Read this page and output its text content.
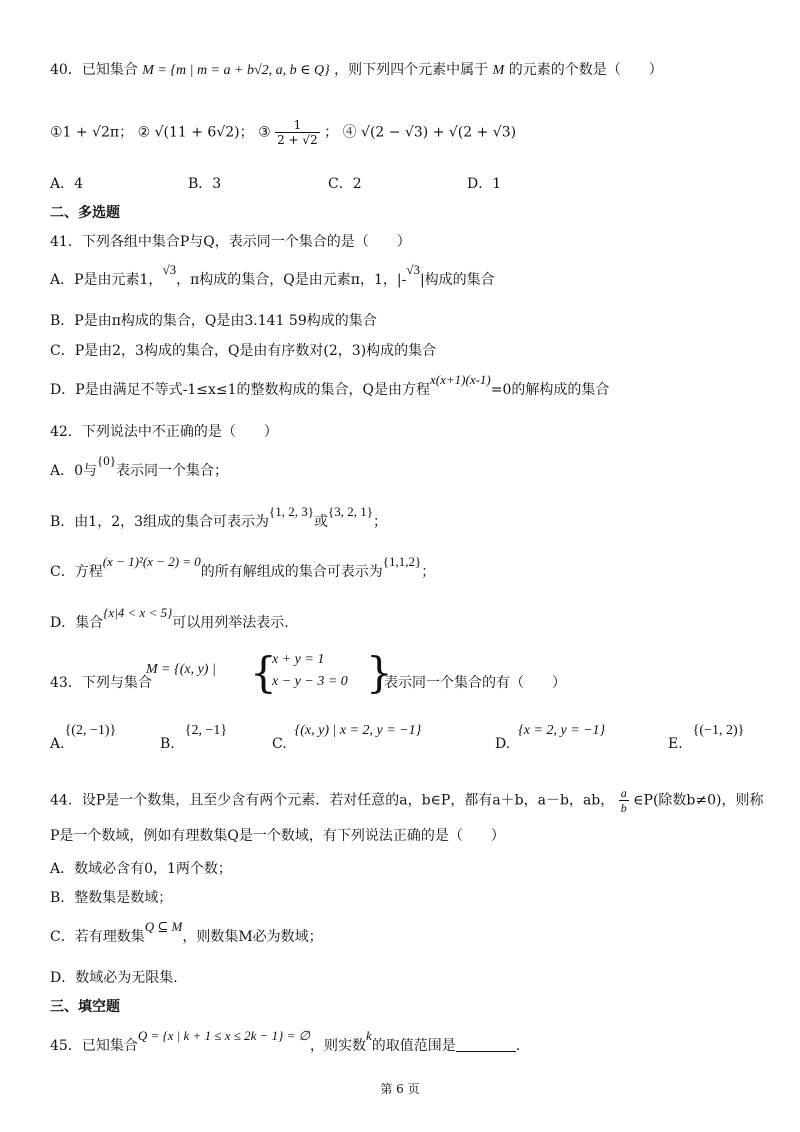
40．已知集合 M = {m | m = a + b√2, a, b ∈ Q} ，则下列四个元素中属于 M 的元素的个数是（　　）
①1 + √2π； ② √(11 + 6√2)； ③ $\frac{1}{2 + √2}$ ； ④ √(2 − √3) + √(2 + √3)
A．4	B．3	C．2	D．1
二、多选题
41．下列各组中集合P与Q，表示同一个集合的是（　　）
A．P是由元素1，√3，π构成的集合，Q是由元素π，1，|-√3|构成的集合
B．P是由π构成的集合，Q是由3.141 59构成的集合
C．P是由2，3构成的集合，Q是由有序数对(2，3)构成的集合
D．P是由满足不等式-1≤x≤1的整数构成的集合，Q是由方程x(x+1)(x-1)=0的解构成的集合
42．下列说法中不正确的是（　　）
A．0与{0}表示同一个集合；
B．由1，2，3组成的集合可表示为{1, 2, 3}或{3, 2, 1}；
C．方程(x − 1)²(x − 2) = 0的所有解组成的集合可表示为{1,1,2}；
D．集合{x|4 < x < 5}可以用列举法表示.
43．下列与集合
M = {(x, y) | {
x + y = 1
x − y − 3 = 0 }
表示同一个集合的有（　　）
A.{(2, −1)}
B.{2, −1}
C.{(x, y) | x = 2, y = −1}
D.{x = 2, y = −1}
E.{(−1, 2)}
44．设P是一个数集，且至少含有两个元素．若对任意的a，b∈P，都有a＋b，a－b，ab， $\frac{a}{b}$ ∈P(除数b≠0)，则称
P是一个数域，例如有理数集Q是一个数域，有下列说法正确的是（　　）
A．数域必含有0，1两个数；
B．整数集是数域；
C．若有理数集Q ⊆ M，则数集M必为数域；
D．数域必为无限集.
三、填空题
45．已知集合Q = {x | k + 1 ≤ x ≤ 2k − 1} = ∅，则实数k的取值范围是	.
第 6 页
